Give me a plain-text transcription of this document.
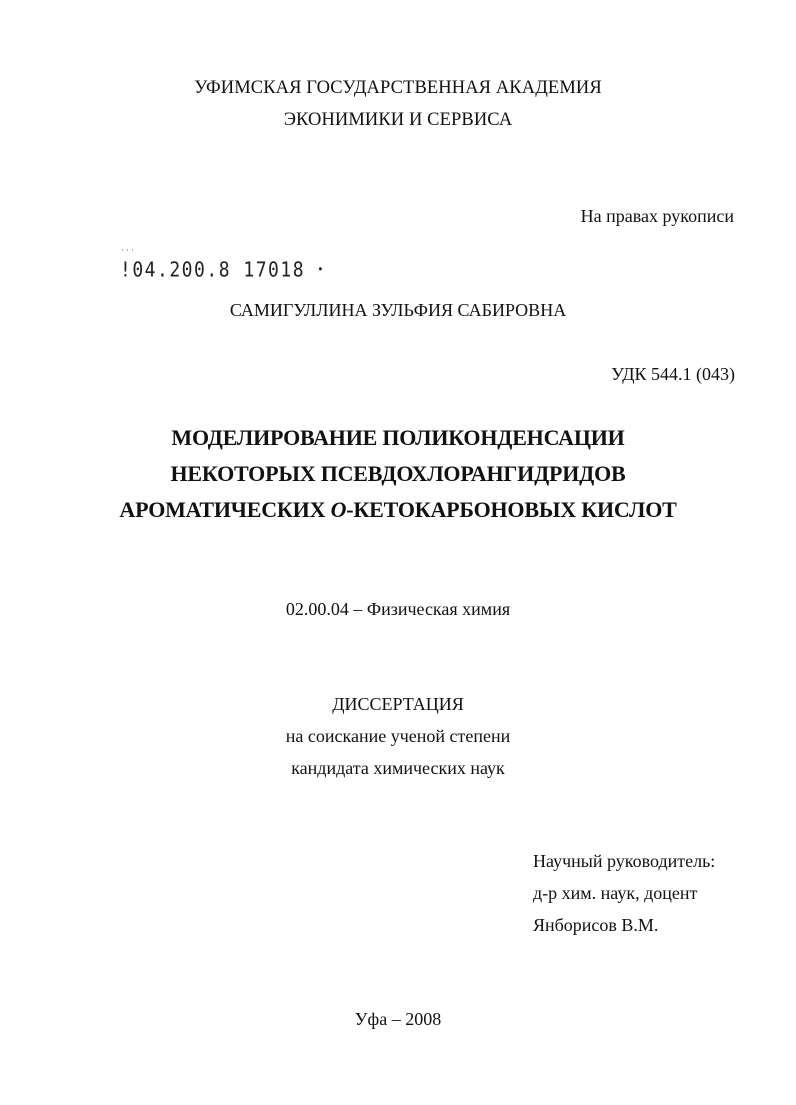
УФИМСКАЯ ГОСУДАРСТВЕННАЯ АКАДЕМИЯ
ЭКОНИМИКИ И СЕРВИСА
На правах рукописи
· · ·
!04.200.8 17018 •
САМИГУЛЛИНА ЗУЛЬФИЯ САБИРОВНА
УДК 544.1 (043)
МОДЕЛИРОВАНИЕ ПОЛИКОНДЕНСАЦИИ
НЕКОТОРЫХ ПСЕВДОХЛОРАНГИДРИДОВ
АРОМАТИЧЕСКИХ О-КЕТОКАРБОНОВЫХ КИСЛОТ
02.00.04 – Физическая химия
ДИССЕРТАЦИЯ
на соискание ученой степени
кандидата химических наук
Научный руководитель:
д-р хим. наук, доцент
Янборисов В.М.
Уфа – 2008
